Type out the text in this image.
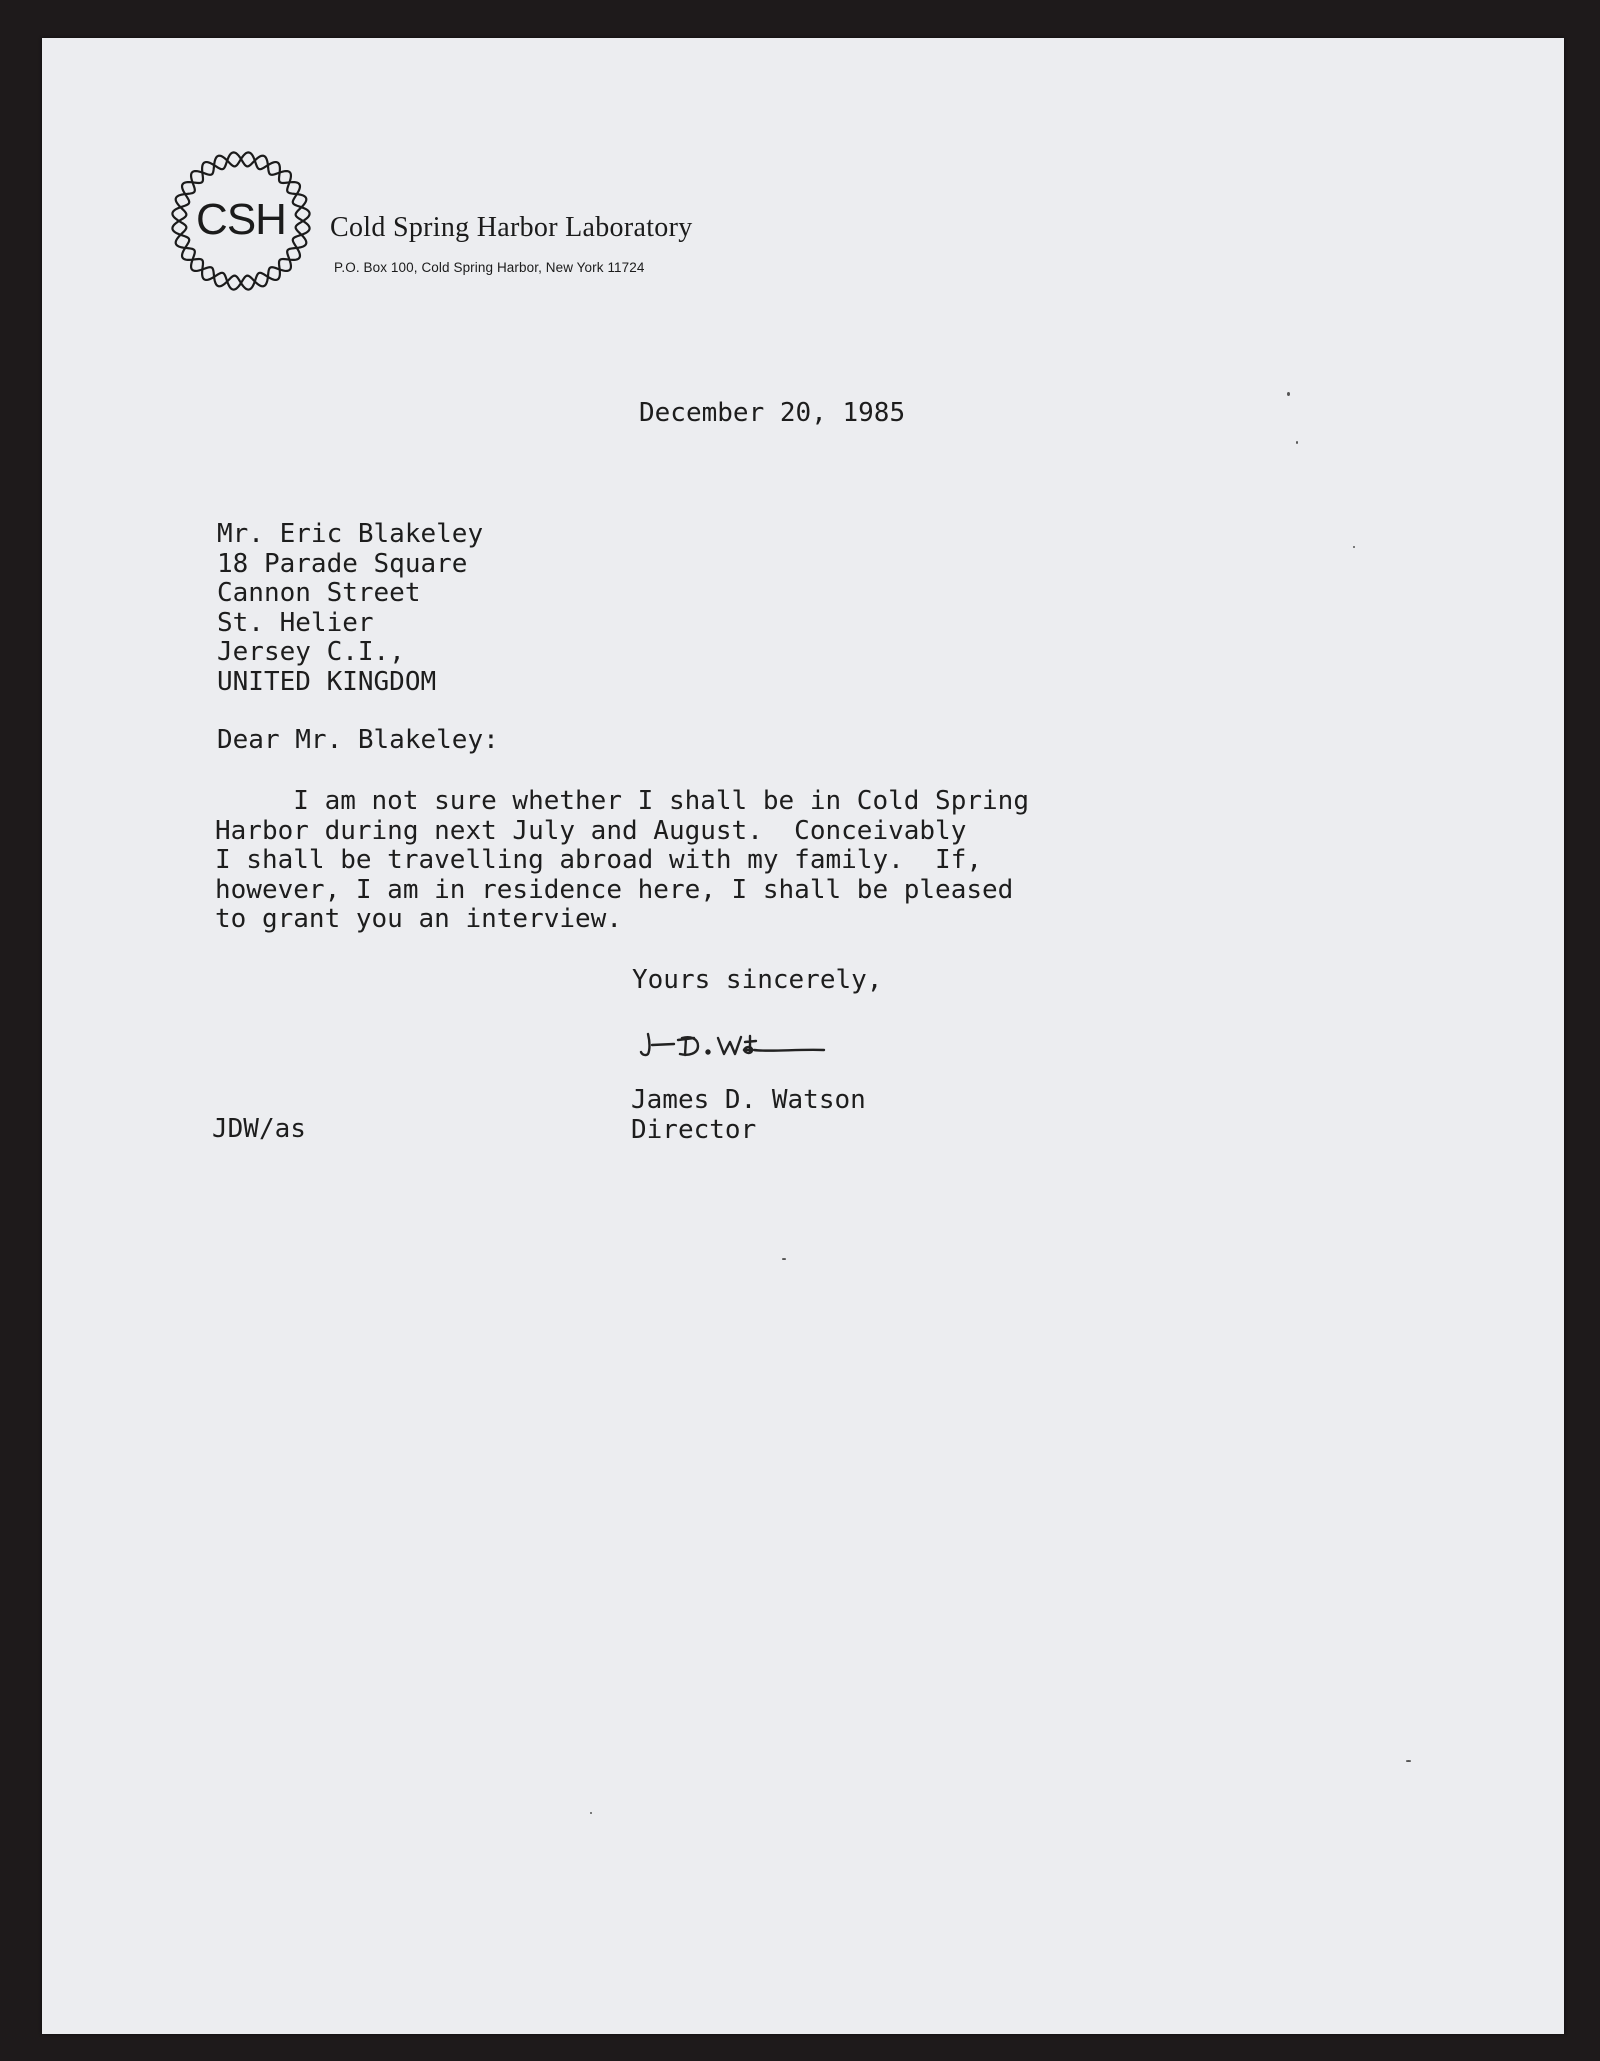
CSH Cold Spring Harbor Laboratory
P.O. Box 100, Cold Spring Harbor, New York 11724
December 20, 1985
Mr. Eric Blakeley
18 Parade Square
Cannon Street
St. Helier
Jersey C.I.,
UNITED KINGDOM
Dear Mr. Blakeley:
I am not sure whether I shall be in Cold Spring
Harbor during next July and August.  Conceivably
I shall be travelling abroad with my family.  If,
however, I am in residence here, I shall be pleased
to grant you an interview.
Yours sincerely,
James D. Watson
Director
JDW/as
